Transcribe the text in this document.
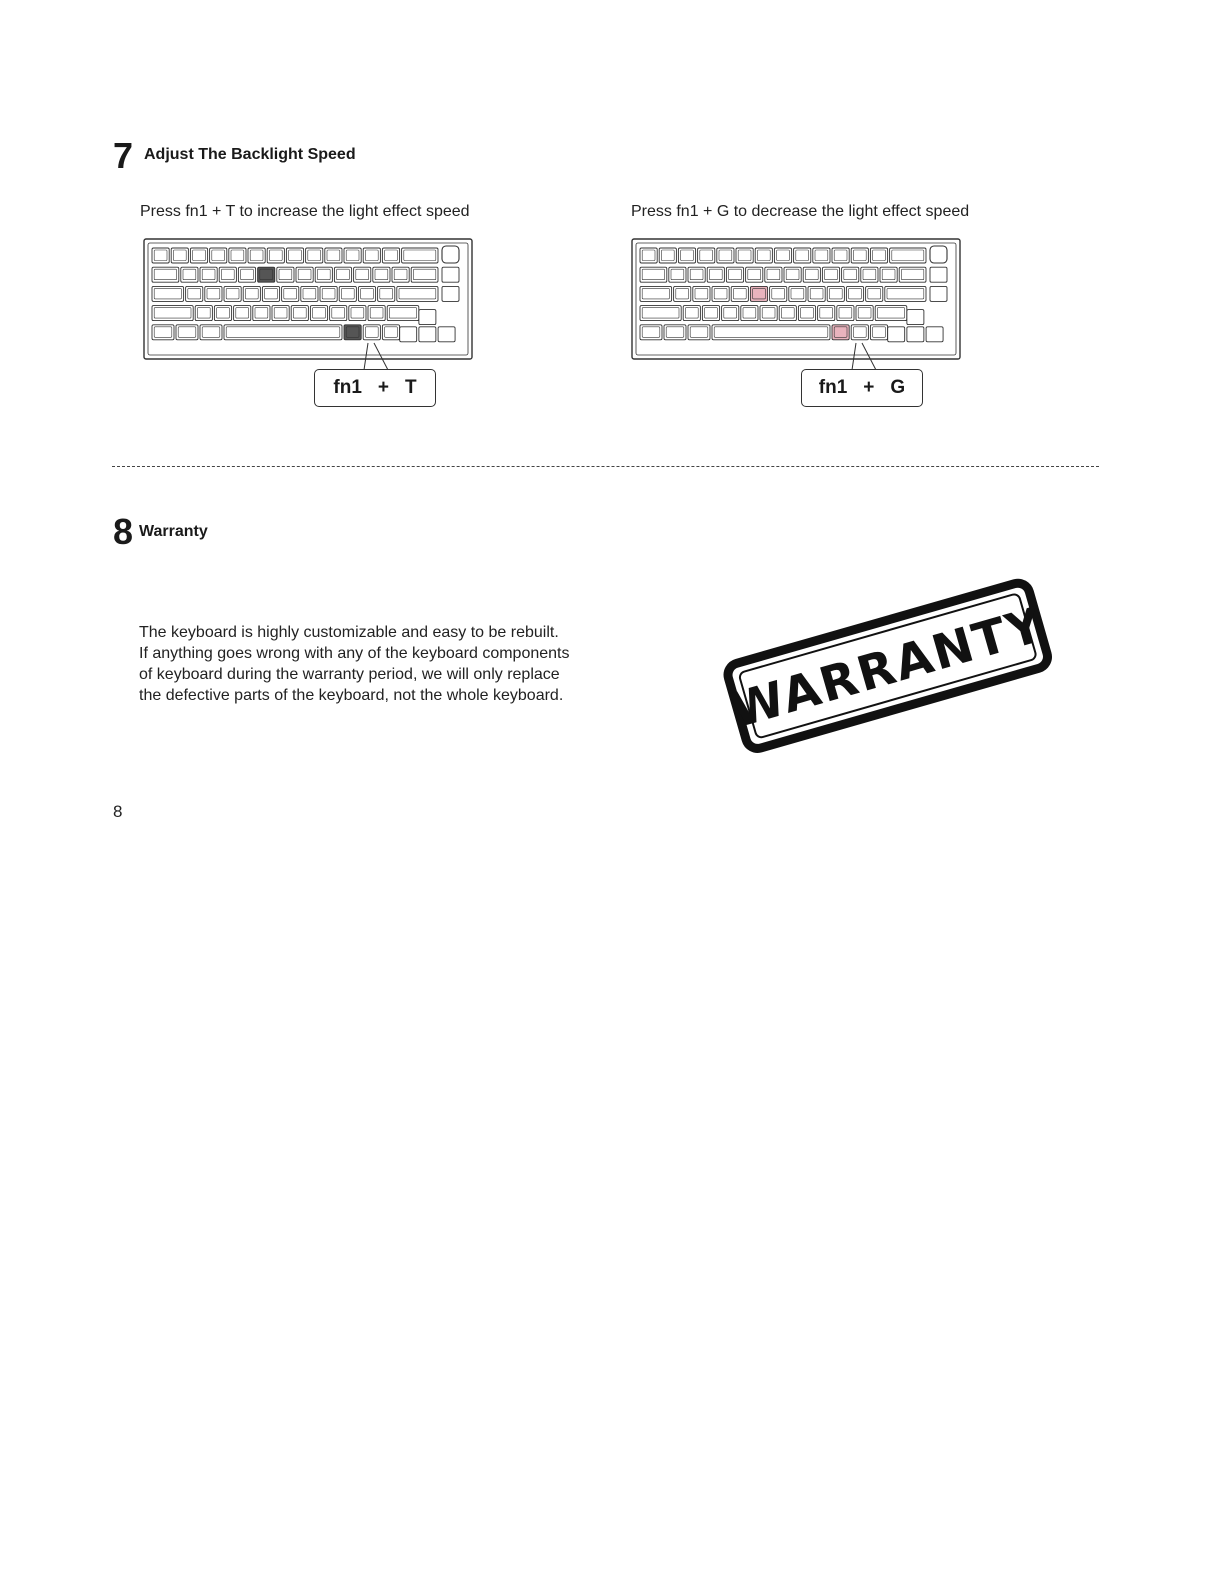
7 Adjust The Backlight Speed
Press fn1 + T to increase the light effect speed	Press fn1 + G to decrease the light effect speed
fn1 + T	fn1 + G
8 Warranty
The keyboard is highly customizable and easy to be rebuilt.
If anything goes wrong with any of the keyboard components
of keyboard during the warranty period, we will only replace
the defective parts of the keyboard, not the whole keyboard.	WARRANTY
8
